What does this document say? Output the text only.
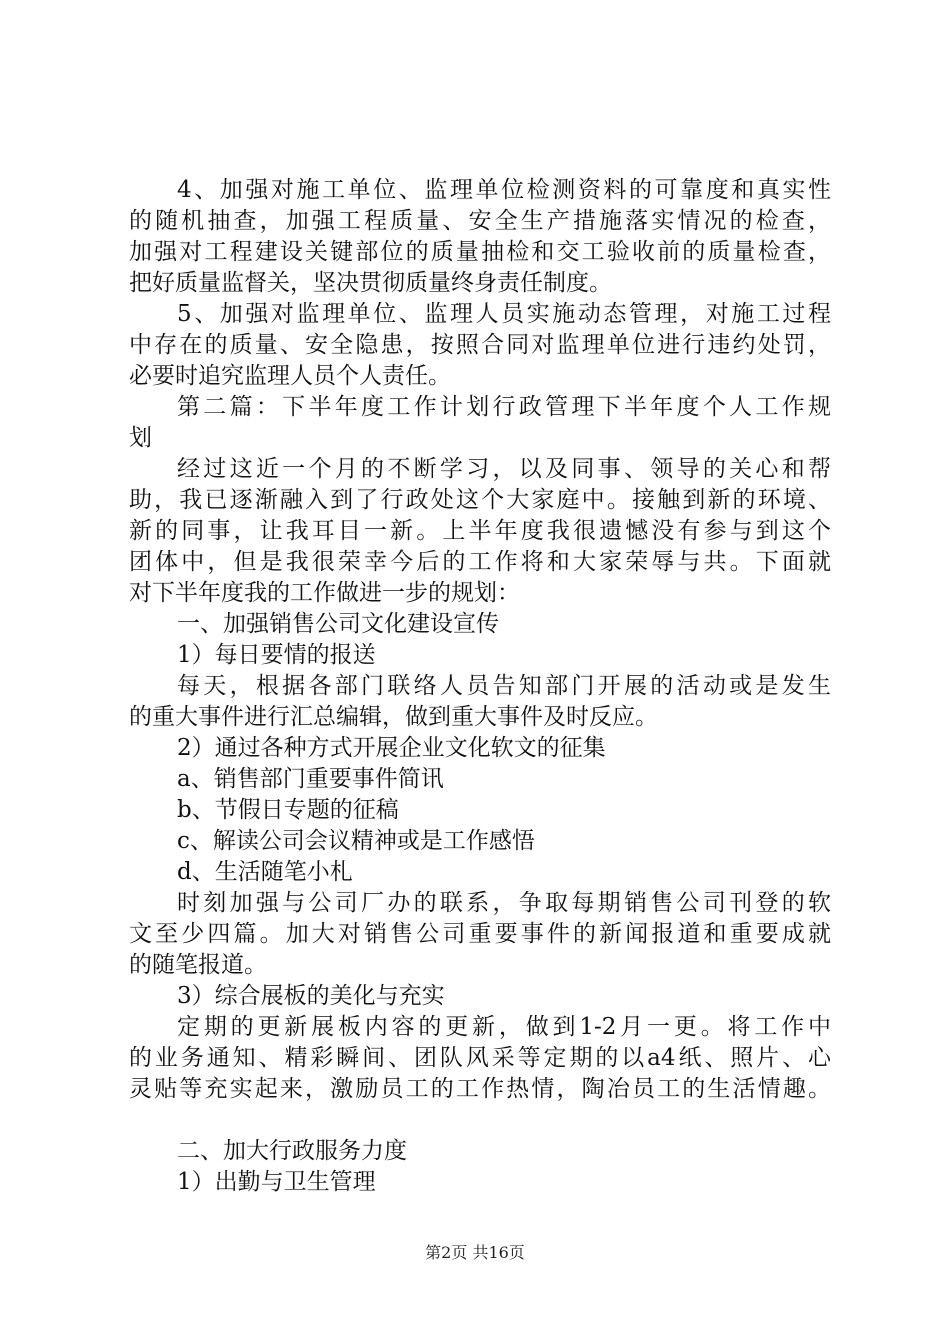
4、加强对施工单位、监理单位检测资料的可靠度和真实性
的随机抽查，加强工程质量、安全生产措施落实情况的检查，
加强对工程建设关键部位的质量抽检和交工验收前的质量检查，
把好质量监督关，坚决贯彻质量终身责任制度。
5、加强对监理单位、监理人员实施动态管理，对施工过程
中存在的质量、安全隐患，按照合同对监理单位进行违约处罚，
必要时追究监理人员个人责任。
第二篇：下半年度工作计划行政管理下半年度个人工作规
划
经过这近一个月的不断学习，以及同事、领导的关心和帮
助，我已逐渐融入到了行政处这个大家庭中。接触到新的环境、
新的同事，让我耳目一新。上半年度我很遗憾没有参与到这个
团体中，但是我很荣幸今后的工作将和大家荣辱与共。下面就
对下半年度我的工作做进一步的规划：
一、加强销售公司文化建设宣传
1）每日要情的报送
每天，根据各部门联络人员告知部门开展的活动或是发生
的重大事件进行汇总编辑，做到重大事件及时反应。
2）通过各种方式开展企业文化软文的征集
a、销售部门重要事件简讯
b、节假日专题的征稿
c、解读公司会议精神或是工作感悟
d、生活随笔小札
时刻加强与公司厂办的联系，争取每期销售公司刊登的软
文至少四篇。加大对销售公司重要事件的新闻报道和重要成就
的随笔报道。
3）综合展板的美化与充实
定期的更新展板内容的更新，做到1-2月一更。将工作中
的业务通知、精彩瞬间、团队风采等定期的以a4纸、照片、心
灵贴等充实起来，激励员工的工作热情，陶冶员工的生活情趣。
二、加大行政服务力度
1）出勤与卫生管理
第2页 共16页
